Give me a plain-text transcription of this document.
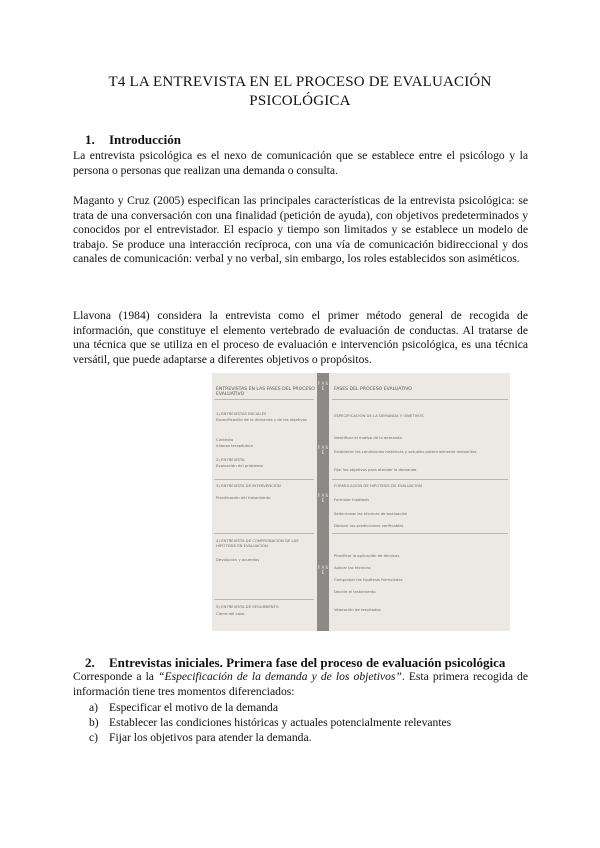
T4 LA ENTREVISTA EN EL PROCESO DE EVALUACIÓN
PSICOLÓGICA
1. Introducción

La entrevista psicológica es el nexo de comunicación que se establece entre el psicólogo y la persona o personas que realizan una demanda o consulta.

Maganto y Cruz (2005) especifican las principales características de la entrevista psicológica: se trata de una conversación con una finalidad (petición de ayuda), con objetivos predeterminados y conocidos por el entrevistador. El espacio y tiempo son limitados y se establece un modelo de trabajo. Se produce una interacción recíproca, con una vía de comunicación bidireccional y dos canales de comunicación: verbal y no verbal, sin embargo, los roles establecidos son asiméticos.

Llavona (1984) considera la entrevista como el primer método general de recogida de información, que constituye el elemento vertebrado de evaluación de conductas. Al tratarse de una técnica que se utiliza en el proceso de evaluación e intervención psicológica, es una técnica versátil, que puede adaptarse a diferentes objetivos o propósitos.

ENTREVISTAS EN LAS FASES DEL PROCESO EVALUATIVO
1) ENTREVISTAS INICIALES
Especificación de la demanda y de los objetivos
Contexto
Alianza terapéutica
2) ENTREVISTA
Evaluación del problema
3) ENTREVISTA DE INTERVENCIÓN
Planificación del tratamiento
4) ENTREVISTA DE COMPROBACIÓN DE LAS HIPÓTESIS EN EVALUACIÓN
Devolución y acuerdos
5) ENTREVISTA DE SEGUIMIENTO
Cierre del caso
F A S E
F A S E
F A S E
F A S E
FASES DEL PROCESO EVALUATIVO
ESPECIFICACIÓN DE LA DEMANDA Y OBJETIVOS
Identificar el motivo de la demanda
Establecer las condiciones históricas y actuales potencialmente relevantes
Fijar los objetivos para atender la demanda
FORMULACIÓN DE HIPÓTESIS DE EVALUACIÓN
Formular hipótesis
Seleccionar las técnicas de evaluación
Deducir las predicciones verificables
Planificar la aplicación de técnicas
Aplicar las técnicas
Comprobar las hipótesis formuladas
Decidir el tratamiento
Valoración de resultados
2. Entrevistas iniciales. Primera fase del proceso de evaluación psicológica

Corresponde a la “Especificación de la demanda y de los objetivos”. Esta primera recogida de información tiene tres momentos diferenciados:

a) Especificar el motivo de la demanda
b) Establecer las condiciones históricas y actuales potencialmente relevantes
c) Fijar los objetivos para atender la demanda.
